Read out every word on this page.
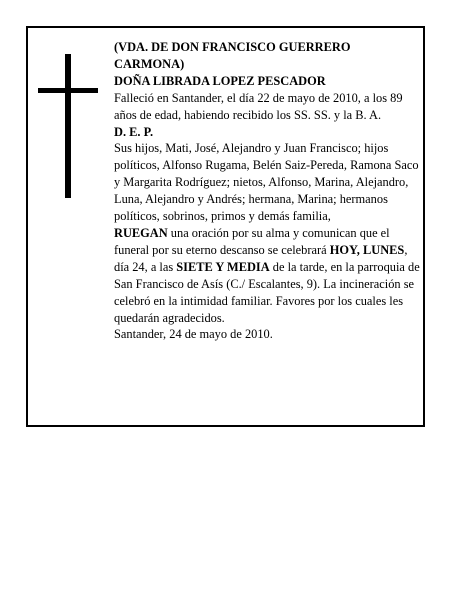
(VDA. DE DON FRANCISCO GUERRERO CARMONA)

DOÑA LIBRADA LOPEZ PESCADOR

Falleció en Santander, el día 22 de mayo de 2010, a los 89 años de edad, habiendo recibido los SS. SS. y la B. A.

D. E. P.

Sus hijos, Mati, José, Alejandro y Juan Francisco; hijos políticos, Alfonso Rugama, Belén Saiz-Pereda, Ramona Saco y Margarita Rodríguez; nietos, Alfonso, Marina, Alejandro, Luna, Alejandro y Andrés; hermana, Marina; hermanos políticos, sobrinos, primos y demás familia,

RUEGAN una oración por su alma y comunican que el funeral por su eterno descanso se celebrará HOY, LUNES, día 24, a las SIETE Y MEDIA de la tarde, en la parroquia de San Francisco de Asís (C./ Escalantes, 9). La incineración se celebró en la intimidad familiar. Favores por los cuales les quedarán agradecidos.

Santander, 24 de mayo de 2010.
